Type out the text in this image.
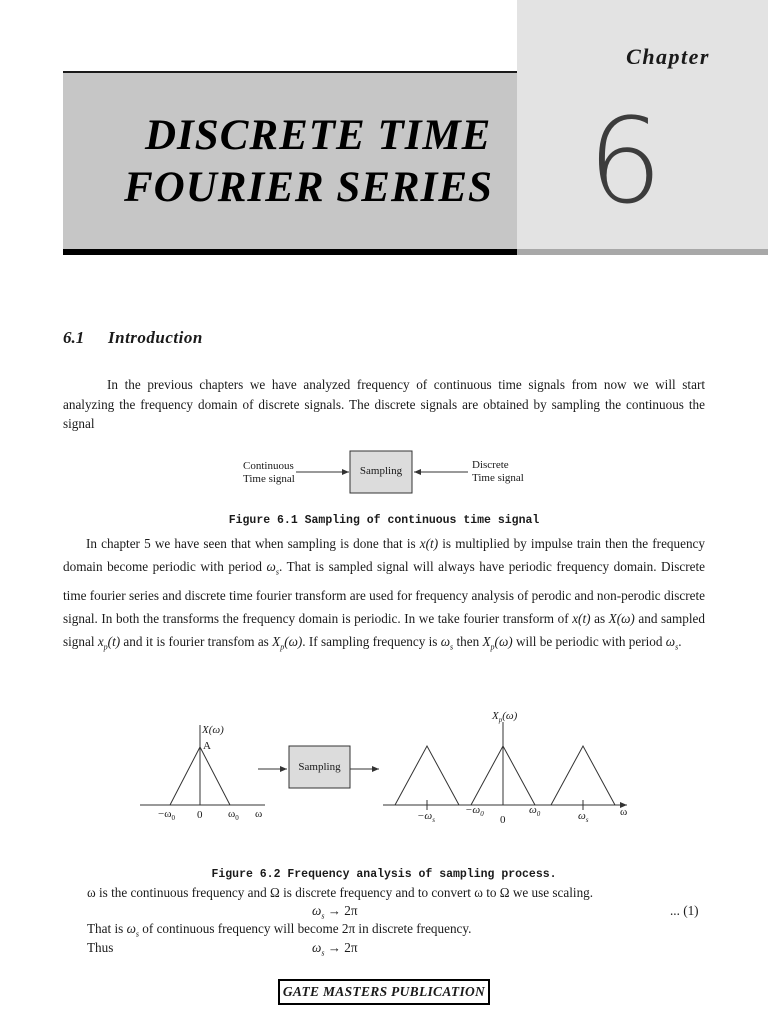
Chapter
6
DISCRETE TIME
FOURIER SERIES
6.1 Introduction
In the previous chapters we have analyzed frequency of continuous time signals from now we will start analyzing the frequency domain of discrete signals. The discrete signals are obtained by sampling the continuous the signal
Continuous
Time signal
Sampling	Discrete
Time signal
Figure 6.1 Sampling of continuous time signal
In chapter 5 we have seen that when sampling is done that is x(t) is multiplied by impulse train then the frequency domain become periodic with period $\omega_s$. That is sampled signal will always have periodic frequency domain. Discrete time fourier series and discrete time fourier transform are used for frequency analysis of perodic and non-perodic discrete signal. In both the transforms the frequency domain is periodic. In we take fourier transform of x(t) as X(ω) and sampled signal $x_p(t)$ and it is fourier transfom as $X_p(\omega)$. If sampling frequency is $\omega_s$ then $X_p(\omega)$ will be periodic with period $\omega_s$.
X(ω)
A
$-\omega_0$ 0 $\omega_0$ ω
Sampling
$X_p(\omega)$
$-\omega_s$
$-\omega_0$ 0
$\omega_0$	$\omega_s$
ω
Figure 6.2 Frequency analysis of sampling process.
ω is the continuous frequency and Ω is discrete frequency and to convert ω to Ω we use scaling.
$\omega_s \to 2\pi$	... (1)
That is $\omega_s$ of continuous frequency will become 2π in discrete frequency.
Thus	$\omega_s \to 2\pi$
GATE MASTERS PUBLICATION
